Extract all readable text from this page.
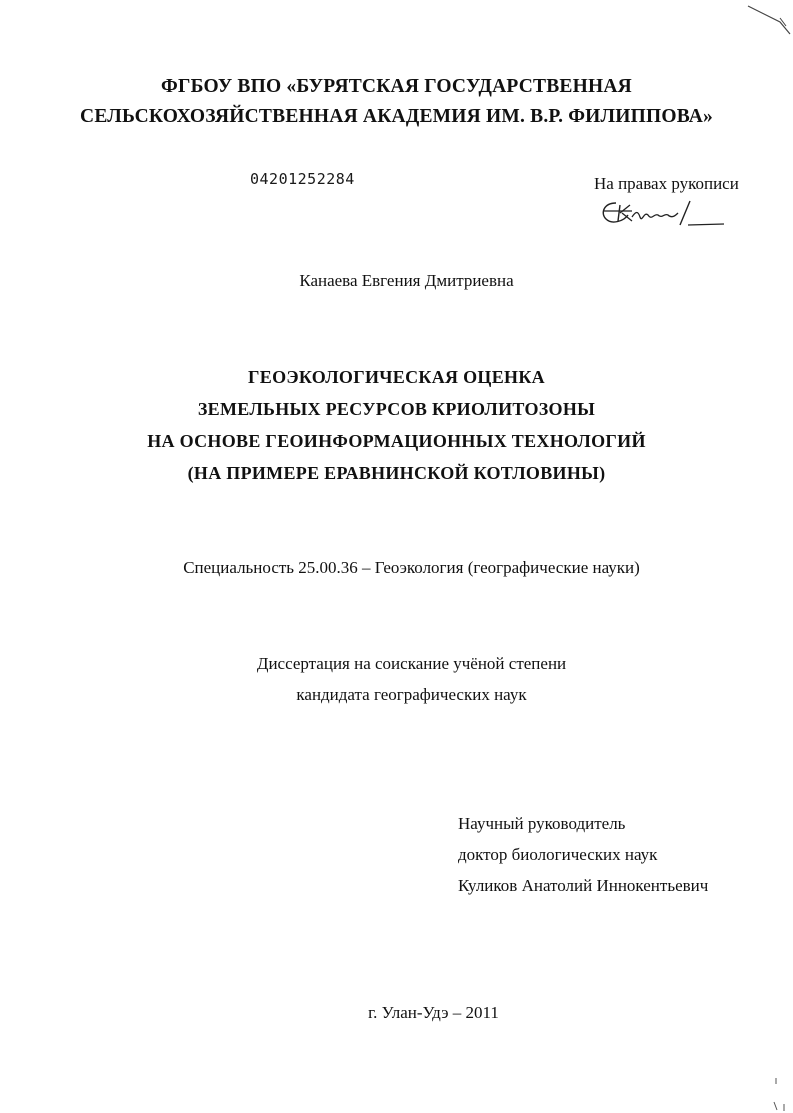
ФГБОУ ВПО «БУРЯТСКАЯ ГОСУДАРСТВЕННАЯ
СЕЛЬСКОХОЗЯЙСТВЕННАЯ АКАДЕМИЯ ИМ. В.Р. ФИЛИППОВА»
04201252284	На правах рукописи
Канаева Евгения Дмитриевна
ГЕОЭКОЛОГИЧЕСКАЯ ОЦЕНКА
ЗЕМЕЛЬНЫХ РЕСУРСОВ КРИОЛИТОЗОНЫ
НА ОСНОВЕ ГЕОИНФОРМАЦИОННЫХ ТЕХНОЛОГИЙ
(НА ПРИМЕРЕ ЕРАВНИНСКОЙ КОТЛОВИНЫ)
Специальность 25.00.36 – Геоэкология (географические науки)
Диссертация на соискание учёной степени
кандидата географических наук
Научный руководитель
доктор биологических наук
Куликов Анатолий Иннокентьевич
г. Улан-Удэ – 2011
